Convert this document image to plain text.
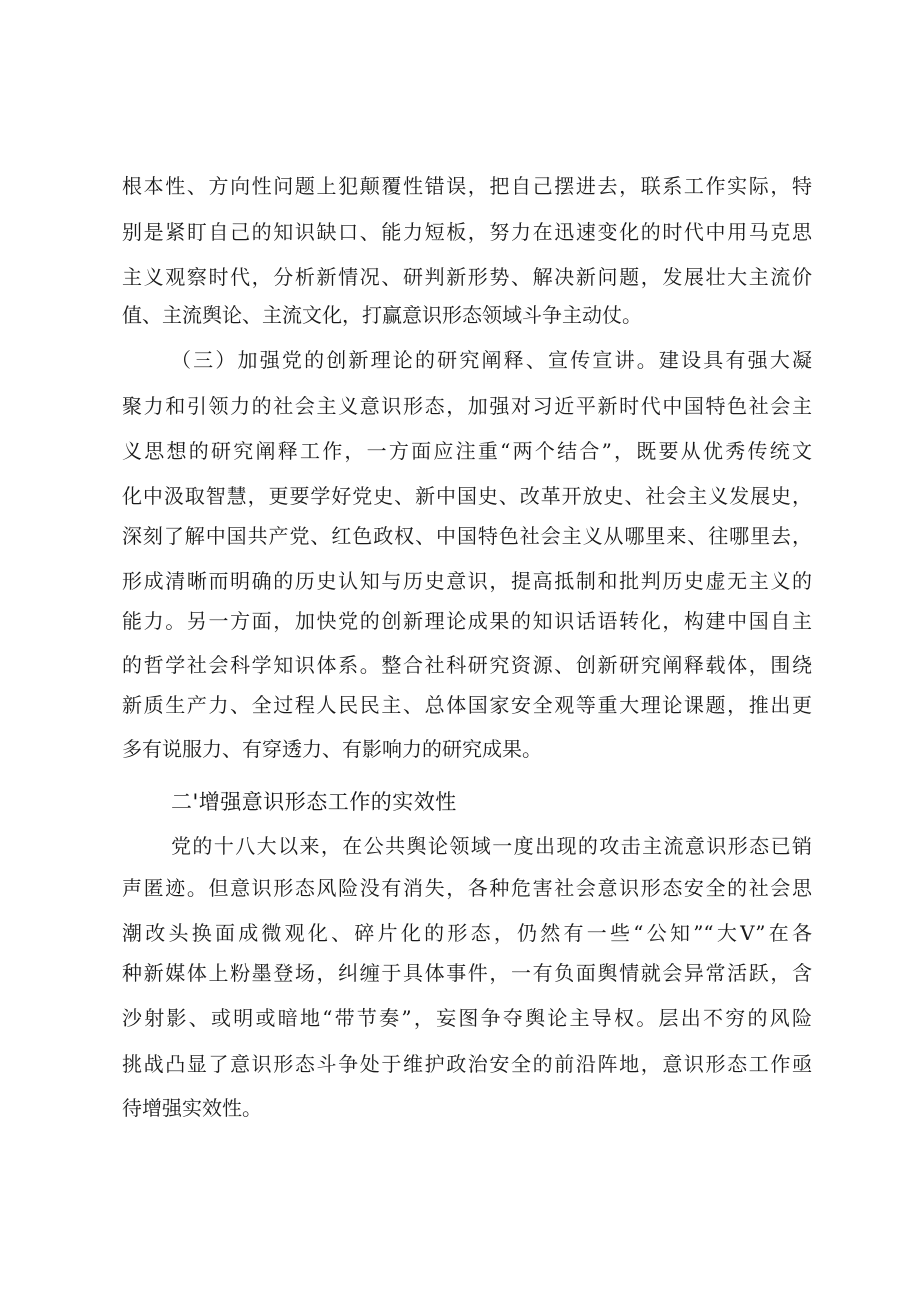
根本性、方向性问题上犯颠覆性错误，把自己摆进去，联系工作实际，特
别是紧盯自己的知识缺口、能力短板，努力在迅速变化的时代中用马克思
主义观察时代，分析新情况、研判新形势、解决新问题，发展壮大主流价
值、主流舆论、主流文化，打赢意识形态领域斗争主动仗。
（三）加强党的创新理论的研究阐释、宣传宣讲。建设具有强大凝
聚力和引领力的社会主义意识形态，加强对习近平新时代中国特色社会主
义思想的研究阐释工作，一方面应注重“两个结合”，既要从优秀传统文
化中汲取智慧，更要学好党史、新中国史、改革开放史、社会主义发展史，
深刻了解中国共产党、红色政权、中国特色社会主义从哪里来、往哪里去，
形成清晰而明确的历史认知与历史意识，提高抵制和批判历史虚无主义的
能力。另一方面，加快党的创新理论成果的知识话语转化，构建中国自主
的哲学社会科学知识体系。整合社科研究资源、创新研究阐释载体，围绕
新质生产力、全过程人民民主、总体国家安全观等重大理论课题，推出更
多有说服力、有穿透力、有影响力的研究成果。
二'增强意识形态工作的实效性
党的十八大以来，在公共舆论领域一度出现的攻击主流意识形态已销
声匿迹。但意识形态风险没有消失，各种危害社会意识形态安全的社会思
潮改头换面成微观化、碎片化的形态，仍然有一些“公知”“大V”在各
种新媒体上粉墨登场，纠缠于具体事件，一有负面舆情就会异常活跃，含
沙射影、或明或暗地“带节奏”，妄图争夺舆论主导权。层出不穷的风险
挑战凸显了意识形态斗争处于维护政治安全的前沿阵地，意识形态工作亟
待增强实效性。
